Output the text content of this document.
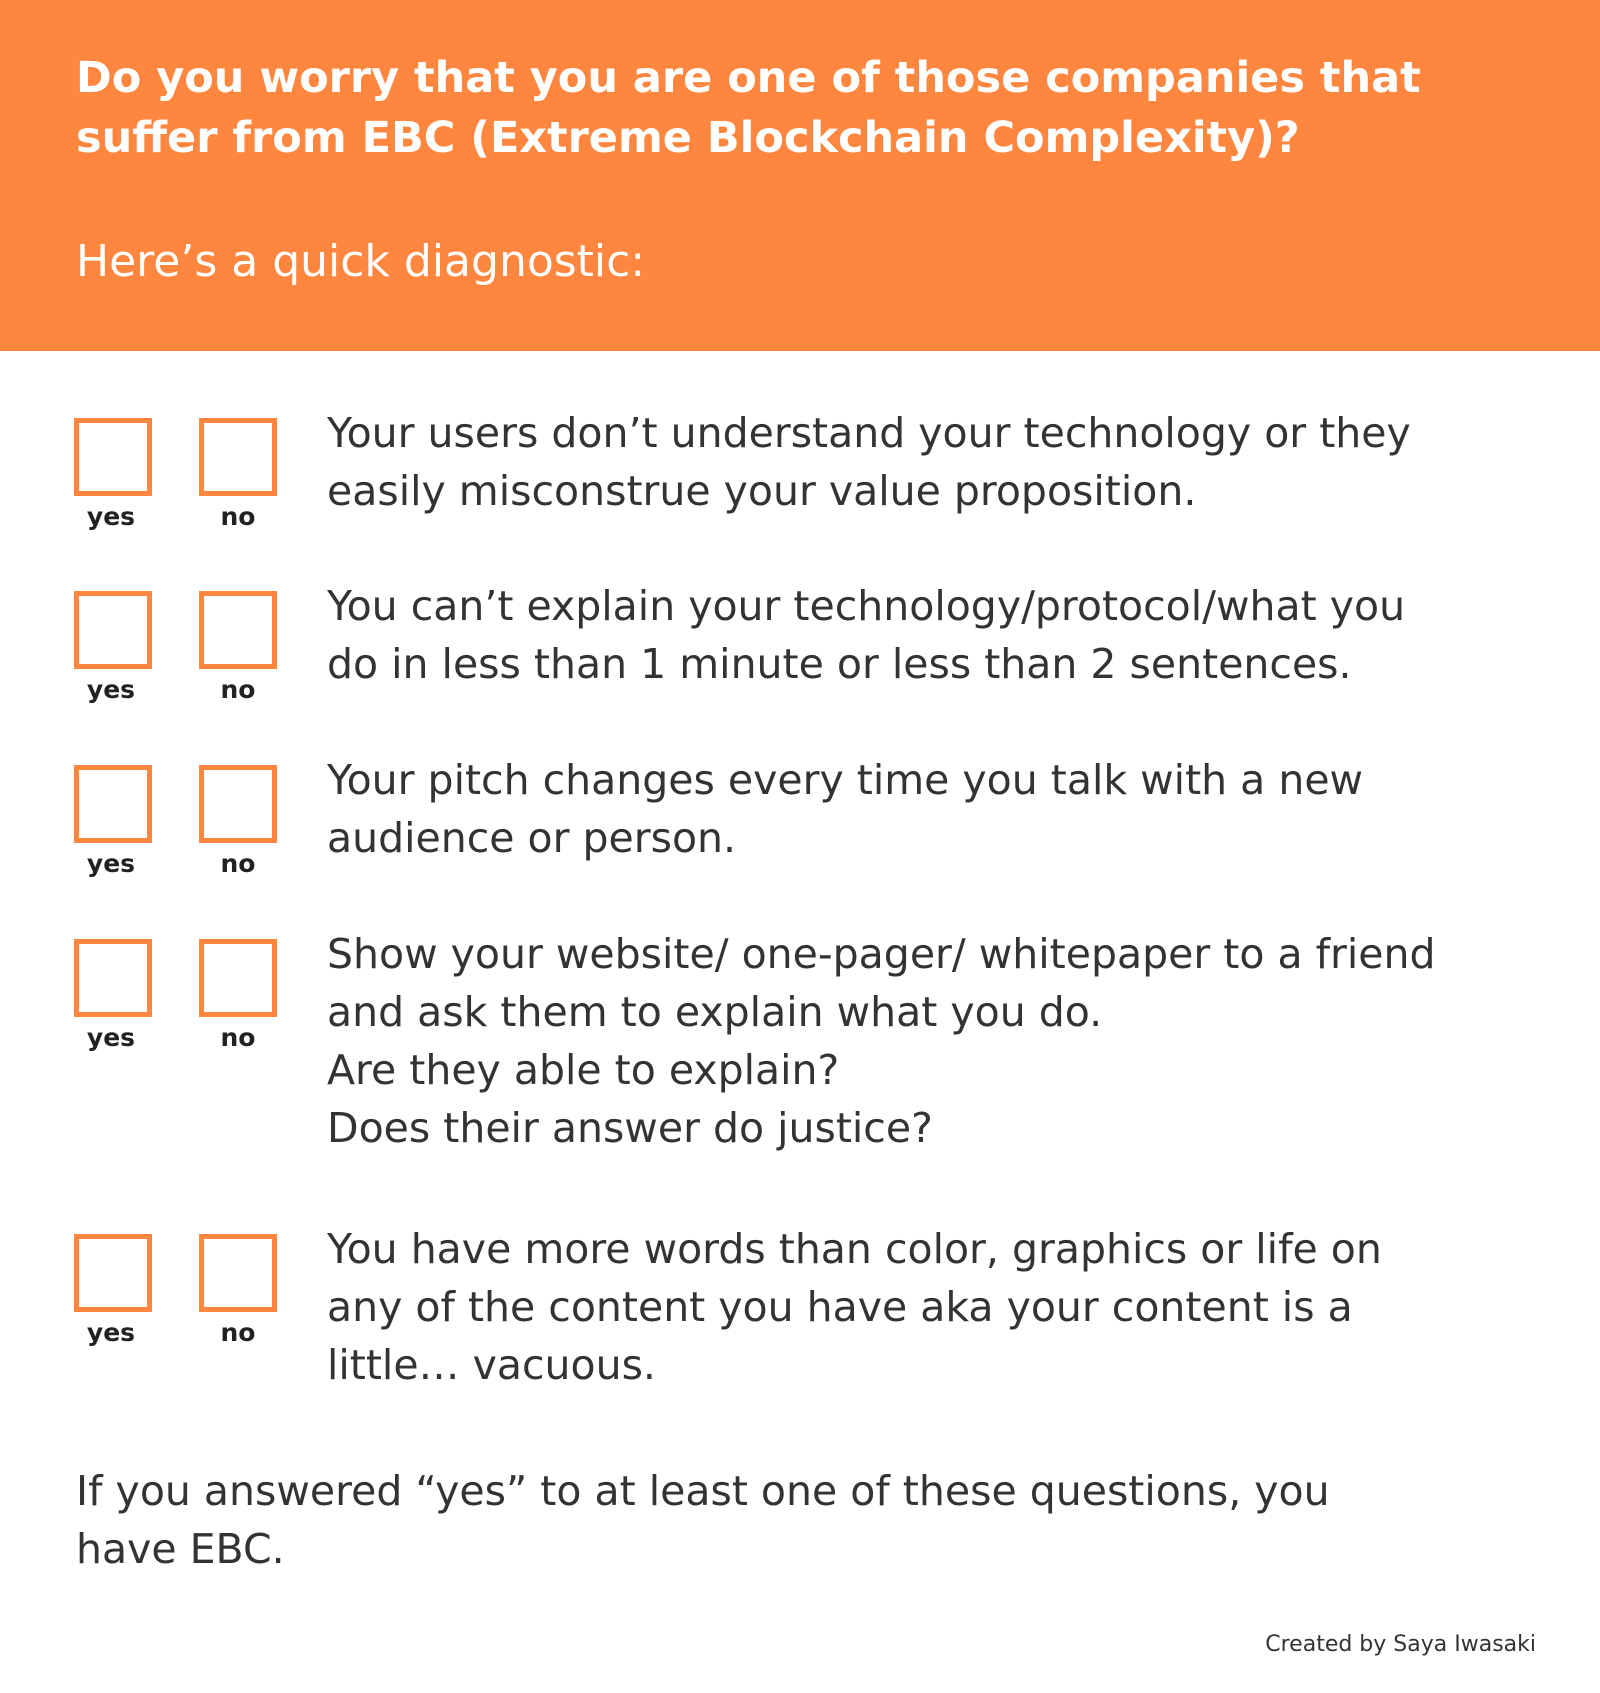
Do you worry that you are one of those companies that
suffer from EBC (Extreme Blockchain Complexity)?
Here’s a quick diagnostic:
yes	no
Your users don’t understand your technology or they
easily misconstrue your value proposition.
yes	no
You can’t explain your technology/protocol/what you
do in less than 1 minute or less than 2 sentences.
yes	no
Your pitch changes every time you talk with a new
audience or person.
yes	no
Show your website/ one-pager/ whitepaper to a friend
and ask them to explain what you do.
Are they able to explain?
Does their answer do justice?
yes	no
You have more words than color, graphics or life on
any of the content you have aka your content is a
little… vacuous.
If you answered “yes” to at least one of these questions, you
have EBC.
Created by Saya Iwasaki
